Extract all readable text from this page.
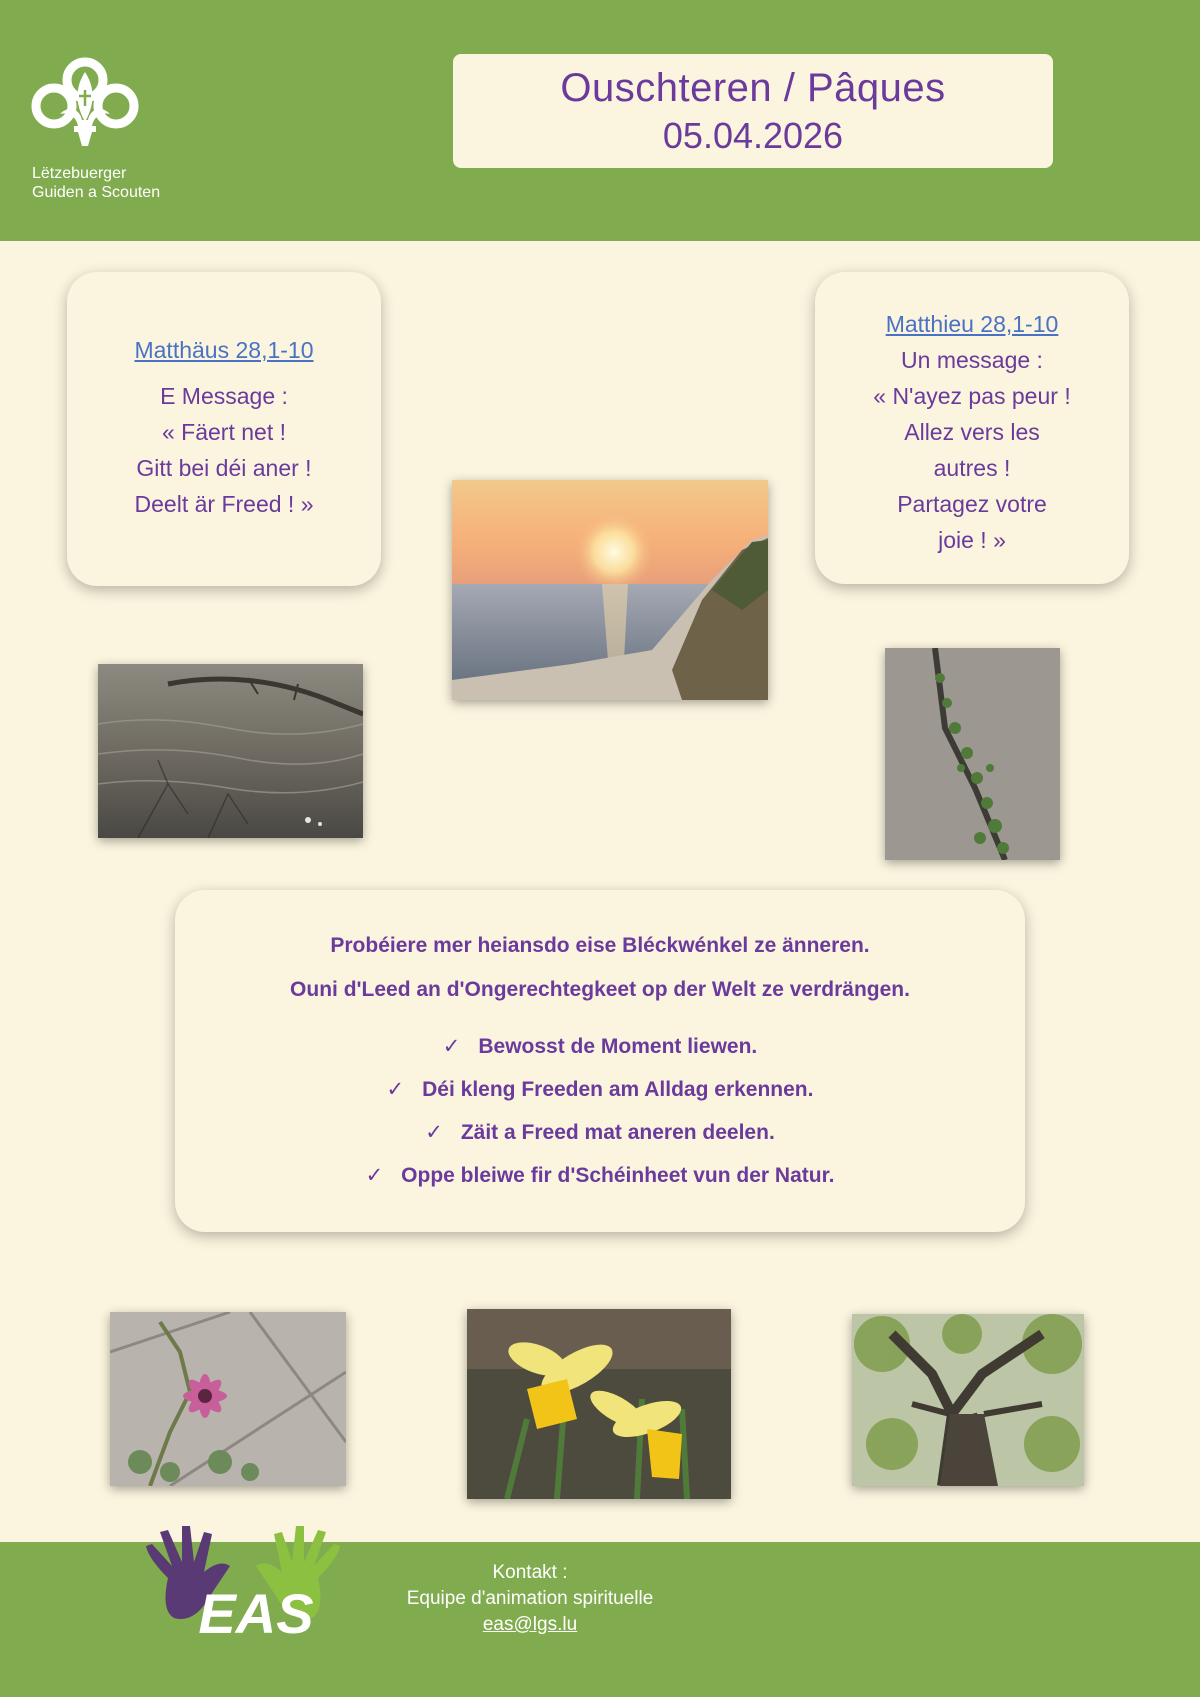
Lëtzebuerger
Guiden a Scouten
Ouschteren / Pâques
05.04.2026
Matthäus 28,1-10
E Message :
« Fäert net !
Gitt bei déi aner !
Deelt är Freed ! »
Matthieu 28,1-10
Un message :
« N'ayez pas peur !
Allez vers les
autres !
Partagez votre
joie ! »

Probéiere mer heiansdo eise Bléckwénkel ze änneren.

Ouni d'Leed an d'Ongerechtegkeet op der Welt ze verdrängen.

✓ Bewosst de Moment liewen.
✓ Déi kleng Freeden am Alldag erkennen.
✓ Zäit a Freed mat aneren deelen.
✓ Oppe bleiwe fir d'Schéinheet vun der Natur.
EAS
Kontakt :
Equipe d'animation spirituelle
eas@lgs.lu
